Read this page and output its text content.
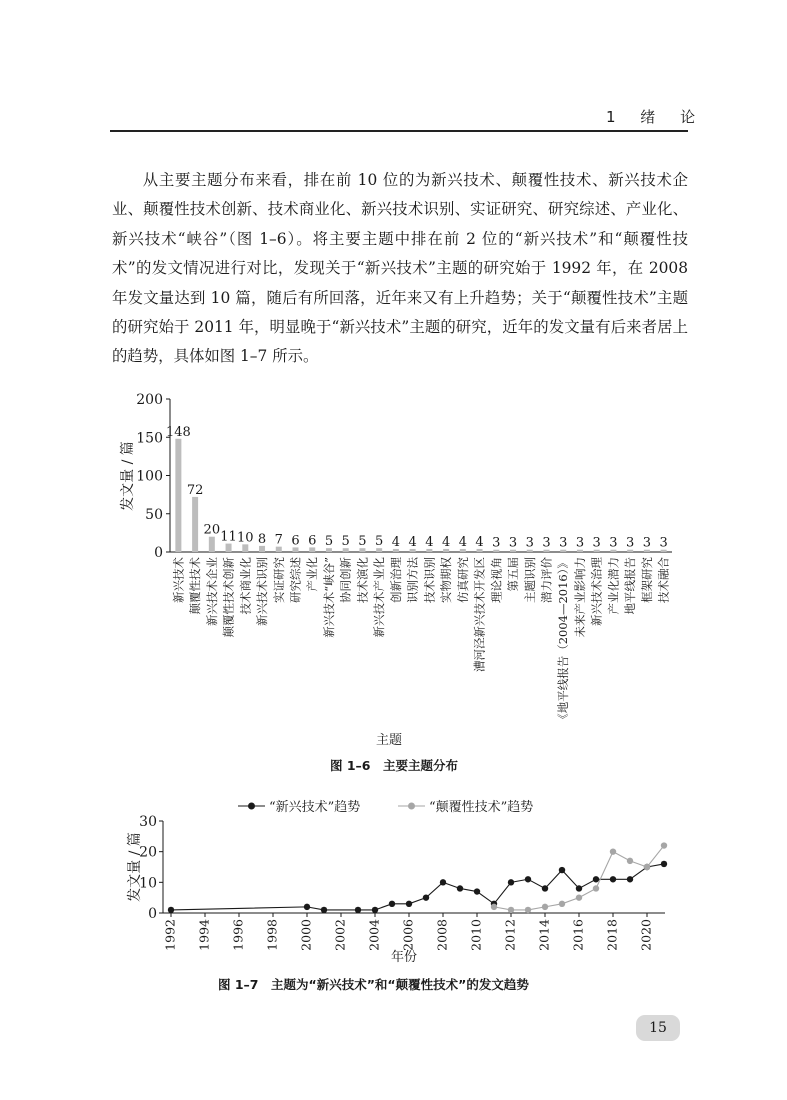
1 绪 论

从主要主题分布来看，排在前 10 位的为新兴技术、颠覆性技术、新兴技术企业、颠覆性技术创新、技术商业化、新兴技术识别、实证研究、研究综述、产业化、新兴技术“峡谷”（图 1–6）。将主要主题中排在前 2 位的“新兴技术”和“颠覆性技术”的发文情况进行对比，发现关于“新兴技术”主题的研究始于 1992 年，在 2008 年发文量达到 10 篇，随后有所回落，近年来又有上升趋势；关于“颠覆性技术”主题的研究始于 2011 年，明显晚于“新兴技术”主题的研究，近年的发文量有后来者居上的趋势，具体如图 1–7 所示。

0
50
100
150
200
148
72
20 11 10 8 7 6 6 5 5 5 5 4 4 4 4 4 4 3 3 3 3 3 3 3 3 3 3 3
新兴技术 颠覆性技术 新兴技术企业 颠覆性技术创新 技术商业化 新兴技术识别 实证研究 研究综述 产业化 新兴技术“峡谷” 协同创新 技术演化 新兴技术产业化 创新治理 识别方法 技术识别 实物期权 仿真研究 漕河泾新兴技术开发区 理论视角 第五届 主题识别 潜力评价 《地平线报告（2004—2016）》 未来产业影响力 新兴技术治理 产业化潜力 地平线报告 框架研究 技术融合
发文量 / 篇
主题
图 1–6　主要主题分布
“新兴技术”趋势	“颠覆性技术”趋势
0
10
20
30
1992 1994 1996 1998 2000 2002 2004 2006 2008 2010 2012 2014 2016 2018 2020
发文量 / 篇
年份
图 1–7　主题为“新兴技术”和“颠覆性技术”的发文趋势
15
